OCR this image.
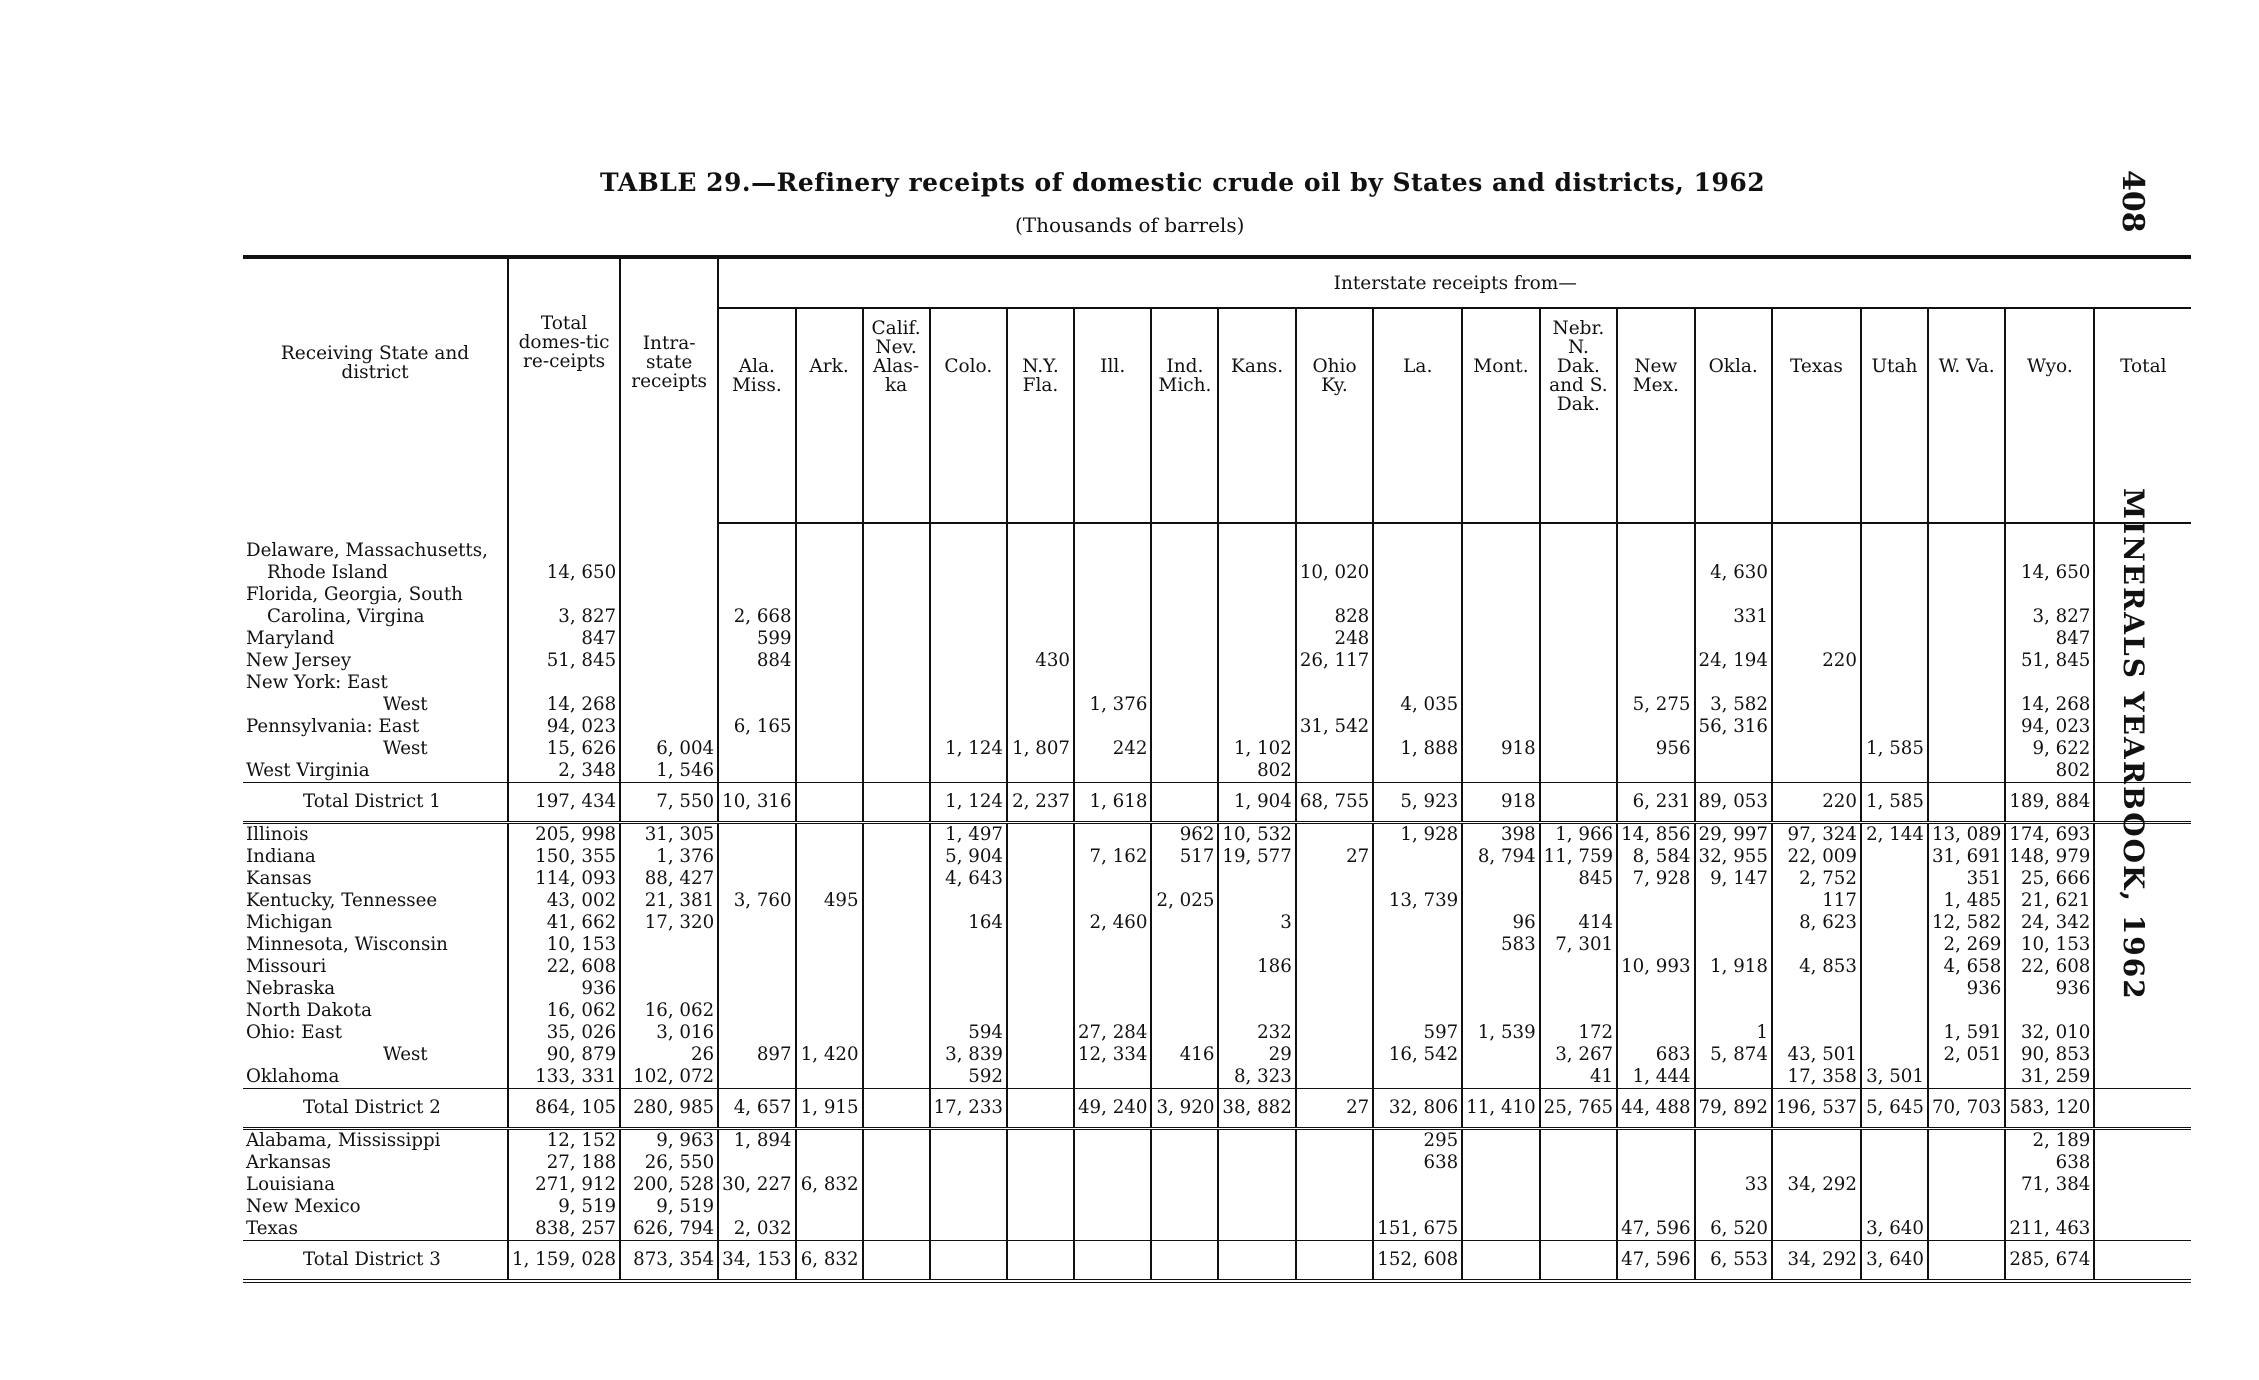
TABLE 29.—Refinery receipts of domestic crude oil by States and districts, 1962
(Thousands of barrels)	408
MINERALS YEARBOOK, 1962
Receiving State and district	Total domes-tic re-ceipts	Intra-state receipts	Interstate receipts from—																		
			Ala. Miss.	Ark.	Calif. Nev. Alas-ka	Colo.	N.Y. Fla.	Ill.	Ind. Mich.	Kans.	Ohio Ky.	La.	Mont.	Nebr. N. Dak. and S. Dak.	New Mex.	Okla.	Texas	Utah	W. Va.	Wyo.	Total

Delaware, Massachusetts,																					
Rhode Island	14, 650										10, 020					4, 630				14, 650	
Florida, Georgia, South																					
Carolina, Virgina	3, 827		2, 668								828					331				3, 827	
Maryland	847		599								248									847	
New Jersey	51, 845		884				430				26, 117					24, 194	220			51, 845	
New York: East																					
West	14, 268							1, 376				4, 035			5, 275	3, 582				14, 268	
Pennsylvania: East	94, 023		6, 165								31, 542					56, 316				94, 023	
West	15, 626	6, 004				1, 124	1, 807	242		1, 102		1, 888	918		956			1, 585		9, 622	
West Virginia	2, 348	1, 546								802										802	
Total District 1	197, 434	7, 550	10, 316			1, 124	2, 237	1, 618		1, 904	68, 755	5, 923	918		6, 231	89, 053	220	1, 585		189, 884	
Illinois	205, 998	31, 305				1, 497			962	10, 532		1, 928	398	1, 966	14, 856	29, 997	97, 324	2, 144	13, 089	174, 693	
Indiana	150, 355	1, 376				5, 904		7, 162	517	19, 577	27		8, 794	11, 759	8, 584	32, 955	22, 009		31, 691	148, 979	
Kansas	114, 093	88, 427				4, 643								845	7, 928	9, 147	2, 752		351	25, 666	
Kentucky, Tennessee	43, 002	21, 381	3, 760	495					2, 025			13, 739					117		1, 485	21, 621	
Michigan	41, 662	17, 320				164		2, 460		3			96	414			8, 623		12, 582	24, 342	
Minnesota, Wisconsin	10, 153												583	7, 301					2, 269	10, 153	
Missouri	22, 608									186					10, 993	1, 918	4, 853		4, 658	22, 608	
Nebraska	936																		936	936	
North Dakota	16, 062	16, 062																			
Ohio: East	35, 026	3, 016				594		27, 284		232		597	1, 539	172		1			1, 591	32, 010	
West	90, 879	26	897	1, 420		3, 839		12, 334	416	29		16, 542		3, 267	683	5, 874	43, 501		2, 051	90, 853	
Oklahoma	133, 331	102, 072				592				8, 323				41	1, 444		17, 358	3, 501		31, 259	
Total District 2	864, 105	280, 985	4, 657	1, 915		17, 233		49, 240	3, 920	38, 882	27	32, 806	11, 410	25, 765	44, 488	79, 892	196, 537	5, 645	70, 703	583, 120	
Alabama, Mississippi	12, 152	9, 963	1, 894									295								2, 189	
Arkansas	27, 188	26, 550										638								638	
Louisiana	271, 912	200, 528	30, 227	6, 832												33	34, 292			71, 384	
New Mexico	9, 519	9, 519																			
Texas	838, 257	626, 794	2, 032									151, 675			47, 596	6, 520		3, 640		211, 463	
Total District 3	1, 159, 028	873, 354	34, 153	6, 832								152, 608			47, 596	6, 553	34, 292	3, 640		285, 674	
